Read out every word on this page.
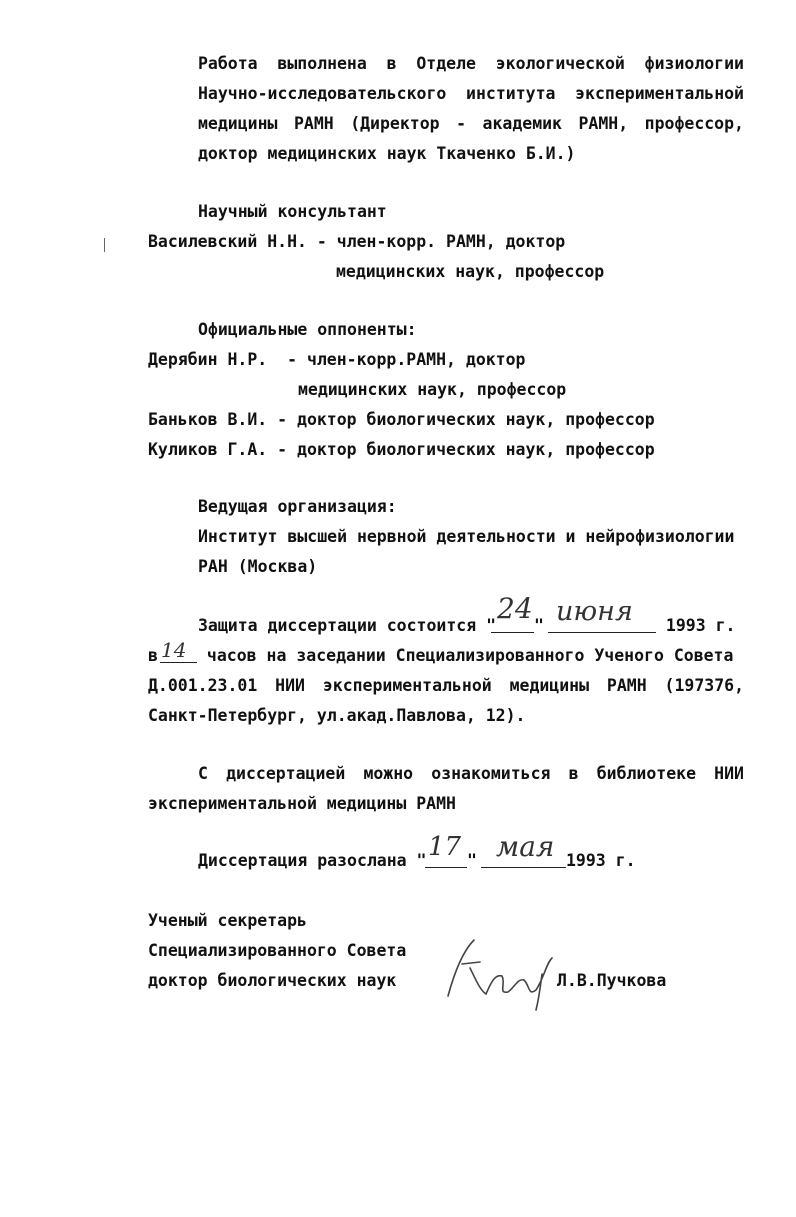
Работа выполнена в Отделе экологической физиологии
Научно-исследовательского института экспериментальной
медицины РАМН (Директор - академик РАМН, профессор,
доктор медицинских наук Ткаченко Б.И.)
Научный консультант
Василевский Н.Н. - член-корр. РАМН, доктор
медицинских наук, профессор
Официальные оппоненты:
Дерябин Н.Р.  - член-корр.РАМН, доктор
медицинских наук, профессор
Баньков В.И. - доктор биологических наук, профессор
Куликов Г.А. - доктор биологических наук, профессор
Ведущая организация:
Институт высшей нервной деятельности и нейрофизиологии
РАН (Москва)
Защита диссертации состоится "
24
" июня 1993 г.
в 14 часов на заседании Специализированного Ученого Совета
Д.001.23.01 НИИ экспериментальной медицины РАМН (197376,
Санкт-Петербург, ул.акад.Павлова, 12).
С диссертацией можно ознакомиться в библиотеке НИИ
экспериментальной медицины РАМН
Диссертация разослана " 17 " мая 1993 г.
Ученый секретарь
Специализированного Совета
доктор биологических наук	Л.В.Пучкова
